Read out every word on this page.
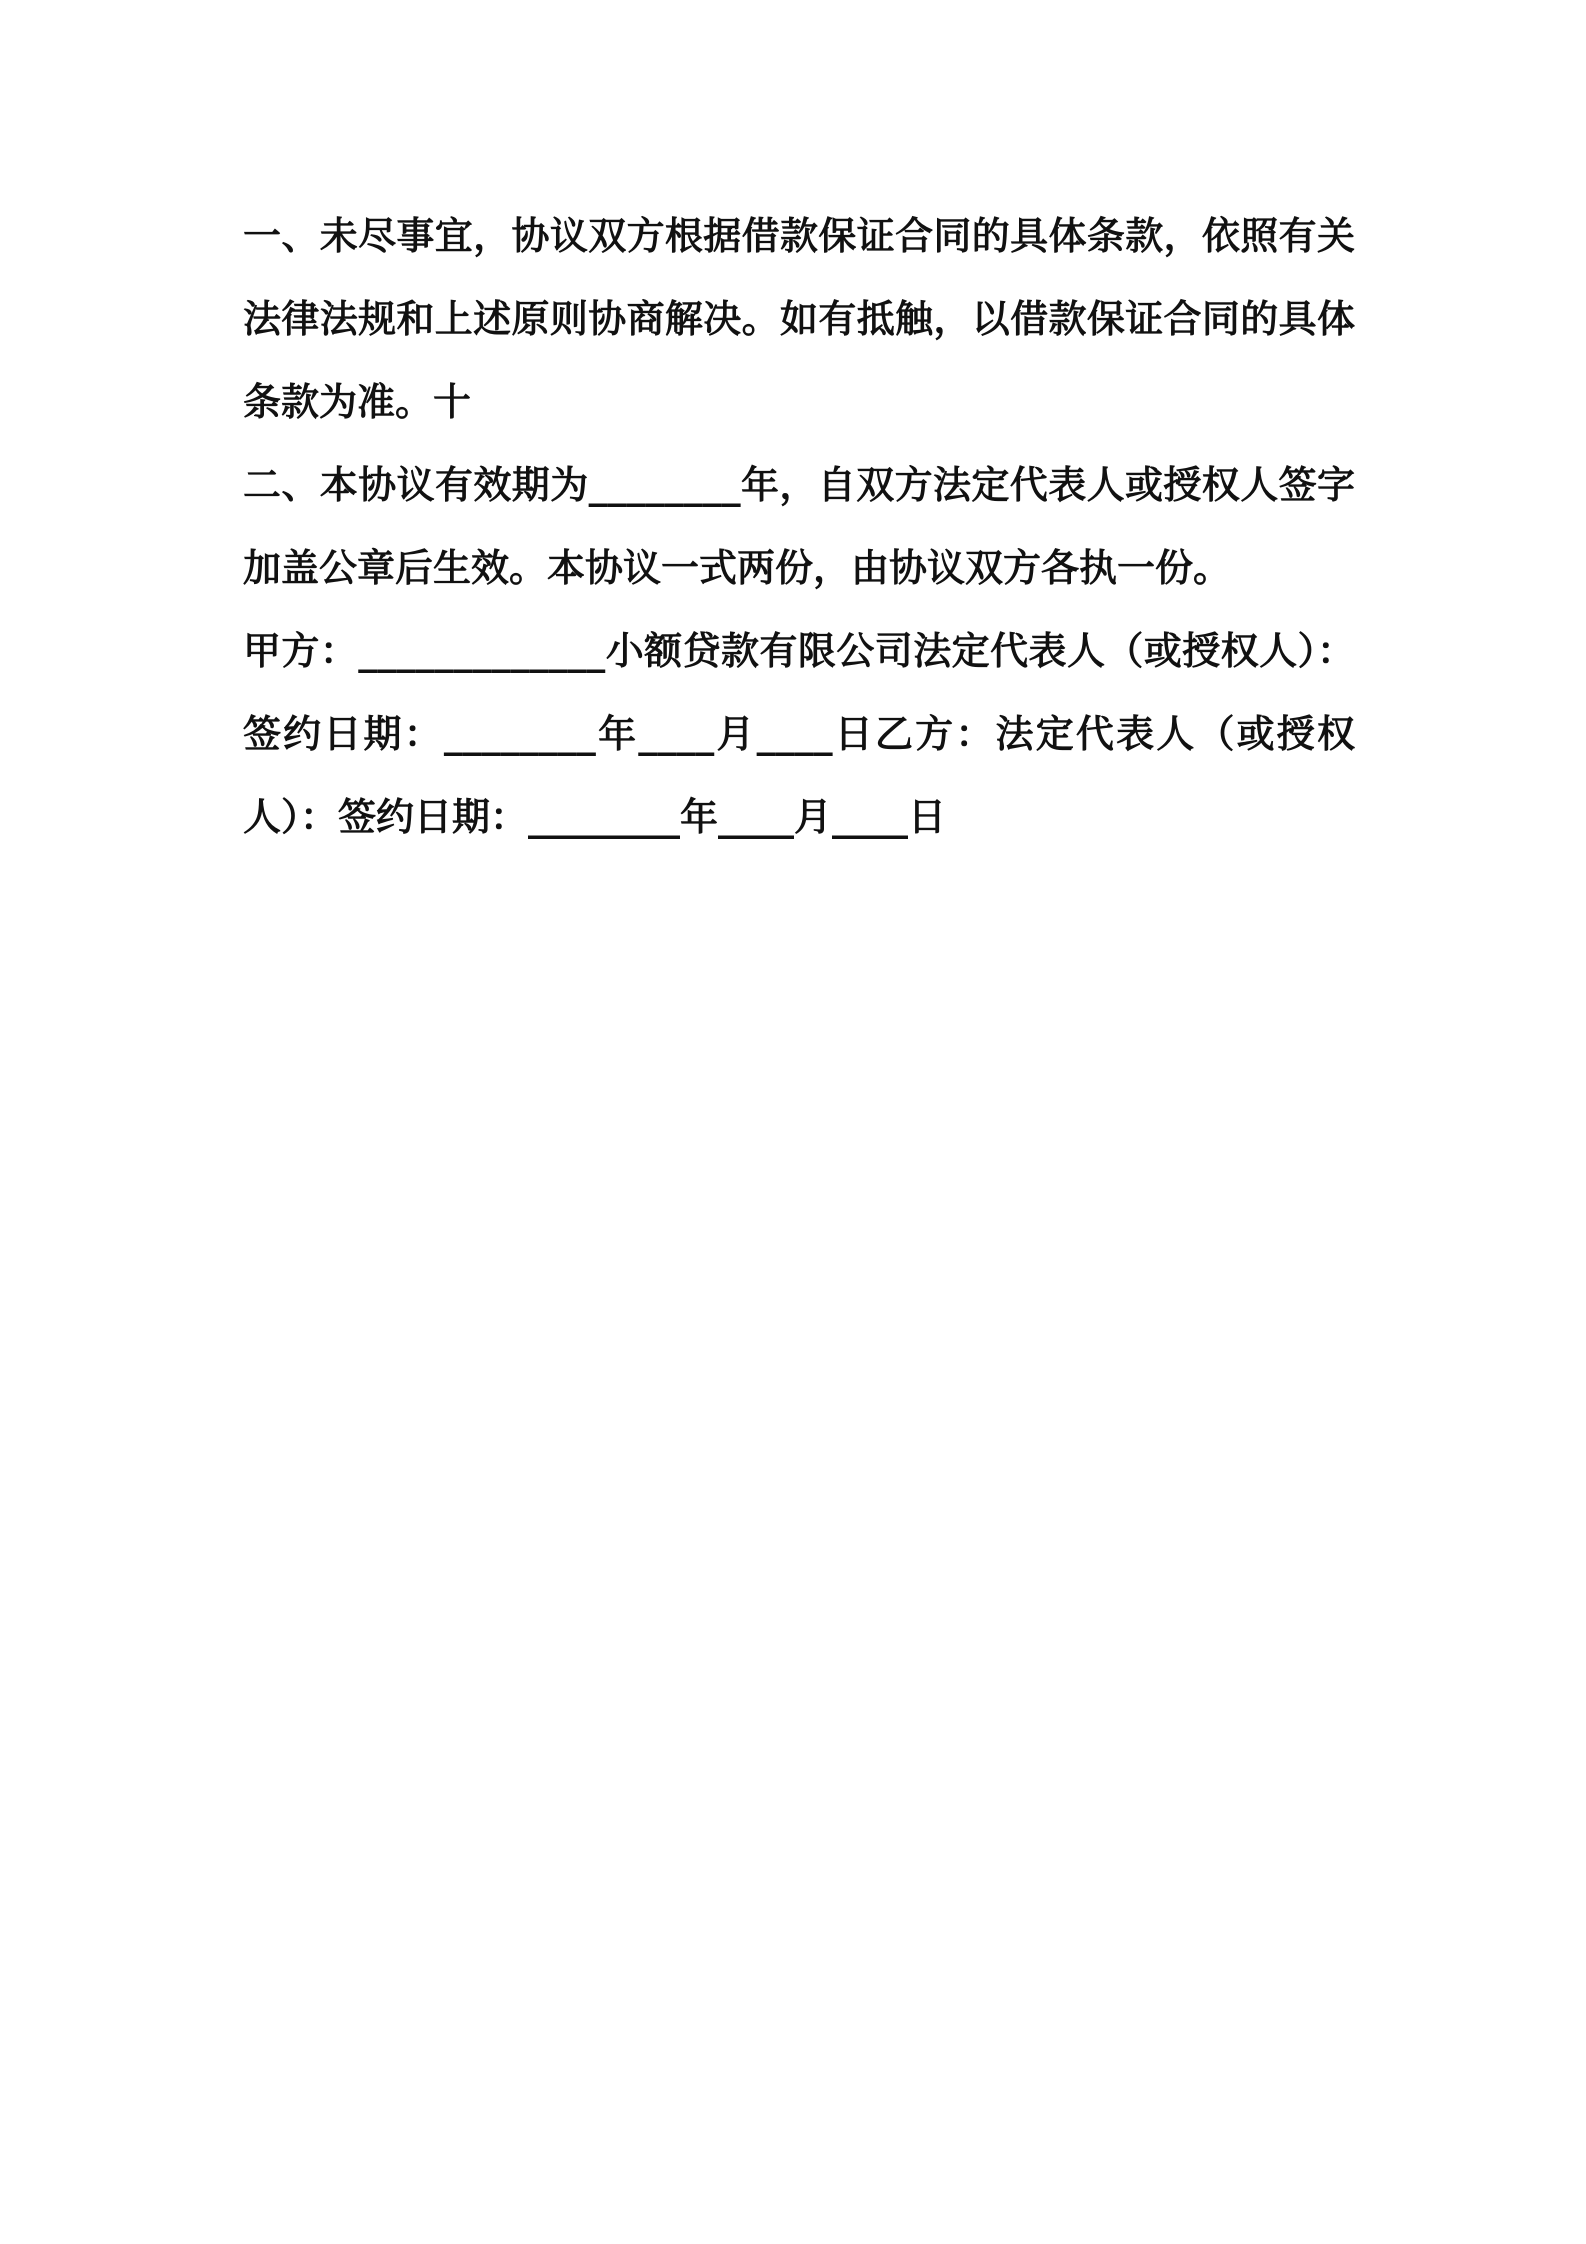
一、未尽事宜，协议双方根据借款保证合同的具体条款，依照有关法律法规和上述原则协商解决。如有抵触，以借款保证合同的具体条款为准。十

二、本协议有效期为________年，自双方法定代表人或授权人签字加盖公章后生效。本协议一式两份，由协议双方各执一份。

甲方：_____________小额贷款有限公司法定代表人（或授权人）：签约日期：________年____月____日乙方：法定代表人（或授权人）：签约日期：________年____月____日
